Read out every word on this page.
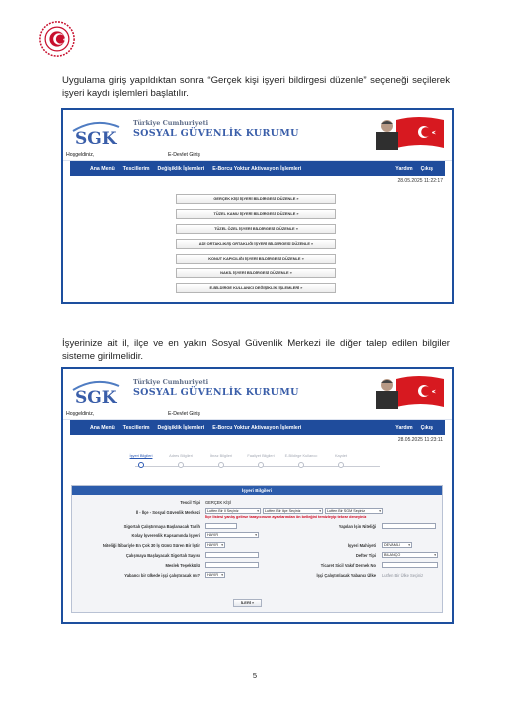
Uygulama giriş yapıldıktan sonra “Gerçek kişi işyeri bildirgesi düzenle” seçeneği seçilerek işyeri kaydı işlemleri başlatılır.

SGK
Türkiye Cumhuriyeti
SOSYAL GÜVENLİK KURUMU
Hoşgeldiniz,	E-Devlet Giriş
Ana Menü Tescillerim Değişiklik İşlemleri E-Borcu Yoktur Aktivasyon İşlemleri	Yardım Çıkış
28.05.2025 11:22:17
GERÇEK KİŞİ İŞYERİ BİLDİRGESİ DÜZENLE »
TÜZEL KAMU İŞYERİ BİLDİRGESİ DÜZENLE »
TÜZEL ÖZEL İŞYERİ BİLDİRGESİ DÜZENLE »
ADİ ORTAKLIK/İŞ ORTAKLIĞI İŞYERİ BİLDİRGESİ DÜZENLE »
KONUT KAPICILIĞI İŞYERİ BİLDİRGESİ DÜZENLE »
NAKİL İŞYERİ BİLDİRGESİ DÜZENLE »
E-BİLDİRGE KULLANICI DEĞİŞİKLİK İŞLEMLERİ »

İşyerinize ait il, ilçe ve en yakın Sosyal Güvenlik Merkezi ile diğer talep edilen bilgiler sisteme girilmelidir.

SGK
Türkiye Cumhuriyeti
SOSYAL GÜVENLİK KURUMU
Hoşgeldiniz,	E-Devlet Giriş
Ana Menü Tescillerim Değişiklik İşlemleri E-Borcu Yoktur Aktivasyon İşlemleri	Yardım Çıkış
28.05.2025 11:23:11
İşyeri Bilgileri	Adres Bilgileri	İbraz Bilgileri	Faaliyet Bilgileri	E-Bildirge Kullanıcı	Kaydet
İşyeri Bilgileri
Tescil Tipi GERÇEK KİŞİ
İl - İlçe - Sosyal Güvenlik Merkezi	Lutfen Bir İl Seçiniz ▾	Lutfen Bir İlçe Seçiniz ▾	Lutfen Bir SGM Seçiniz ▾
İlçe listesi yanlış gelirse tarayıcınızın ayarlarından ön belleğini temizleyip tekrar deneyiniz
Sigortalı Çalıştırmaya Başlanacak Tarih	Yapılan İşin Niteliği
Kolay İşverenlik Kapsamında İşyeri	HAYIR ▾
Niteliği İtibariyle En Çok 30 İş Günü Süren Bir İştir	HAYIR ▾	İşyeri Mahiyeti	DEVAMLI ▾
Çalışmaya Başlayacak Sigortalı Sayısı	Defter Tipi	BİLANÇO ▾
Meslek Teşekkülü	Ticaret Sicil Vakıf Dernek No
Yabancı bir ülkede işçi çalıştıracak mı?	HAYIR ▾	İşçi Çalıştırılacak Yabancı Ülke Lutfen Bir Ülke Seçiniz
İLERİ »
5
